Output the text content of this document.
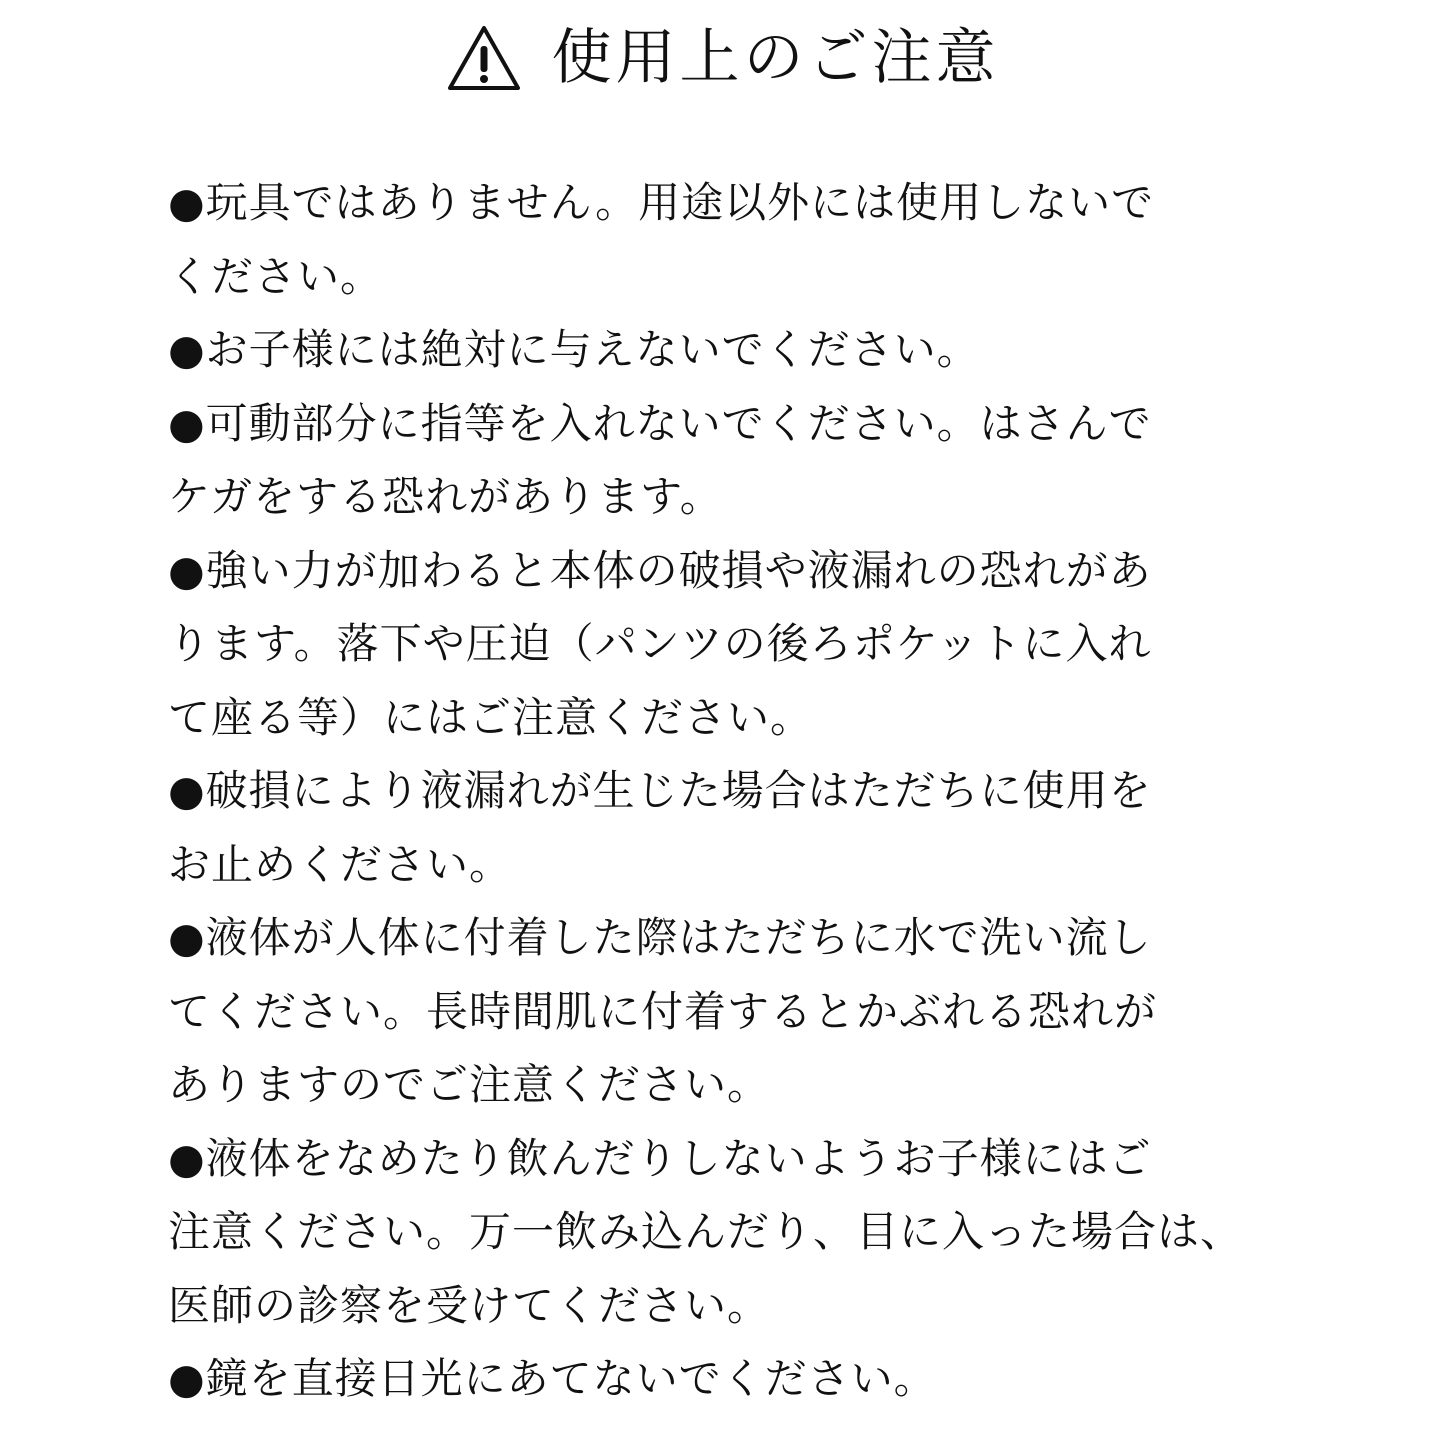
使用上のご注意
●玩具ではありません。用途以外には使用しないで
ください。
●お子様には絶対に与えないでください。
●可動部分に指等を入れないでください。はさんで
ケガをする恐れがあります。
●強い力が加わると本体の破損や液漏れの恐れがあ
ります。落下や圧迫（パンツの後ろポケットに入れ
て座る等）にはご注意ください。
●破損により液漏れが生じた場合はただちに使用を
お止めください。
●液体が人体に付着した際はただちに水で洗い流し
てください。長時間肌に付着するとかぶれる恐れが
ありますのでご注意ください。
●液体をなめたり飲んだりしないようお子様にはご
注意ください。万一飲み込んだり、目に入った場合は、
医師の診察を受けてください。
●鏡を直接日光にあてないでください。
